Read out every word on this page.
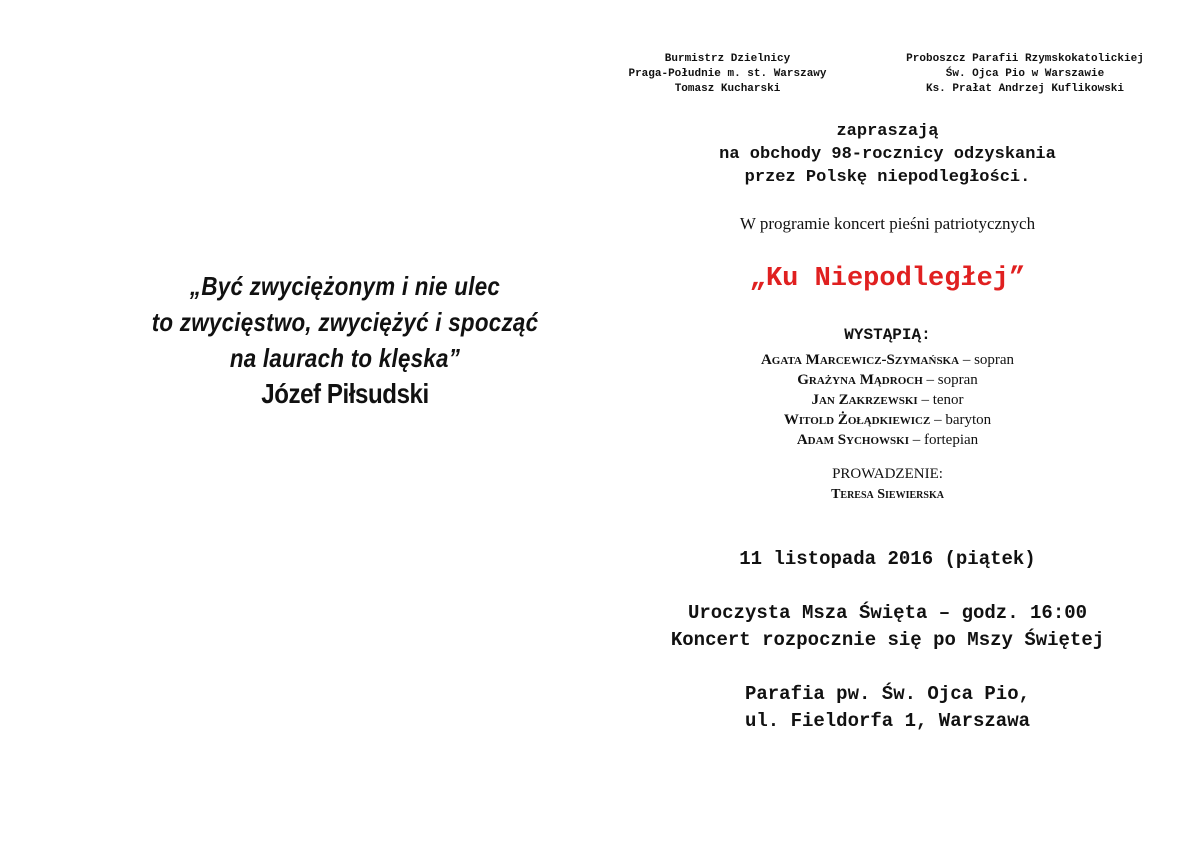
„Być zwyciężonym i nie ulec
to zwycięstwo, zwyciężyć i spocząć
na laurach to klęska”
Józef Piłsudski
Burmistrz Dzielnicy
Praga-Południe m. st. Warszawy
Tomasz Kucharski
Proboszcz Parafii Rzymskokatolickiej
Św. Ojca Pio w Warszawie
Ks. Prałat Andrzej Kuflikowski
zapraszają
na obchody 98-rocznicy odzyskania
przez Polskę niepodległości.
W programie koncert pieśni patriotycznych
„Ku Niepodległej”
WYSTĄPIĄ:
Agata Marcewicz-Szymańska – sopran
Grażyna Mądroch – sopran
Jan Zakrzewski – tenor
Witold Żołądkiewicz – baryton
Adam Sychowski – fortepian
PROWADZENIE:
Teresa Siewierska
11 listopada 2016 (piątek)
Uroczysta Msza Święta – godz. 16:00
Koncert rozpocznie się po Mszy Świętej
Parafia pw. Św. Ojca Pio,
ul. Fieldorfa 1, Warszawa
